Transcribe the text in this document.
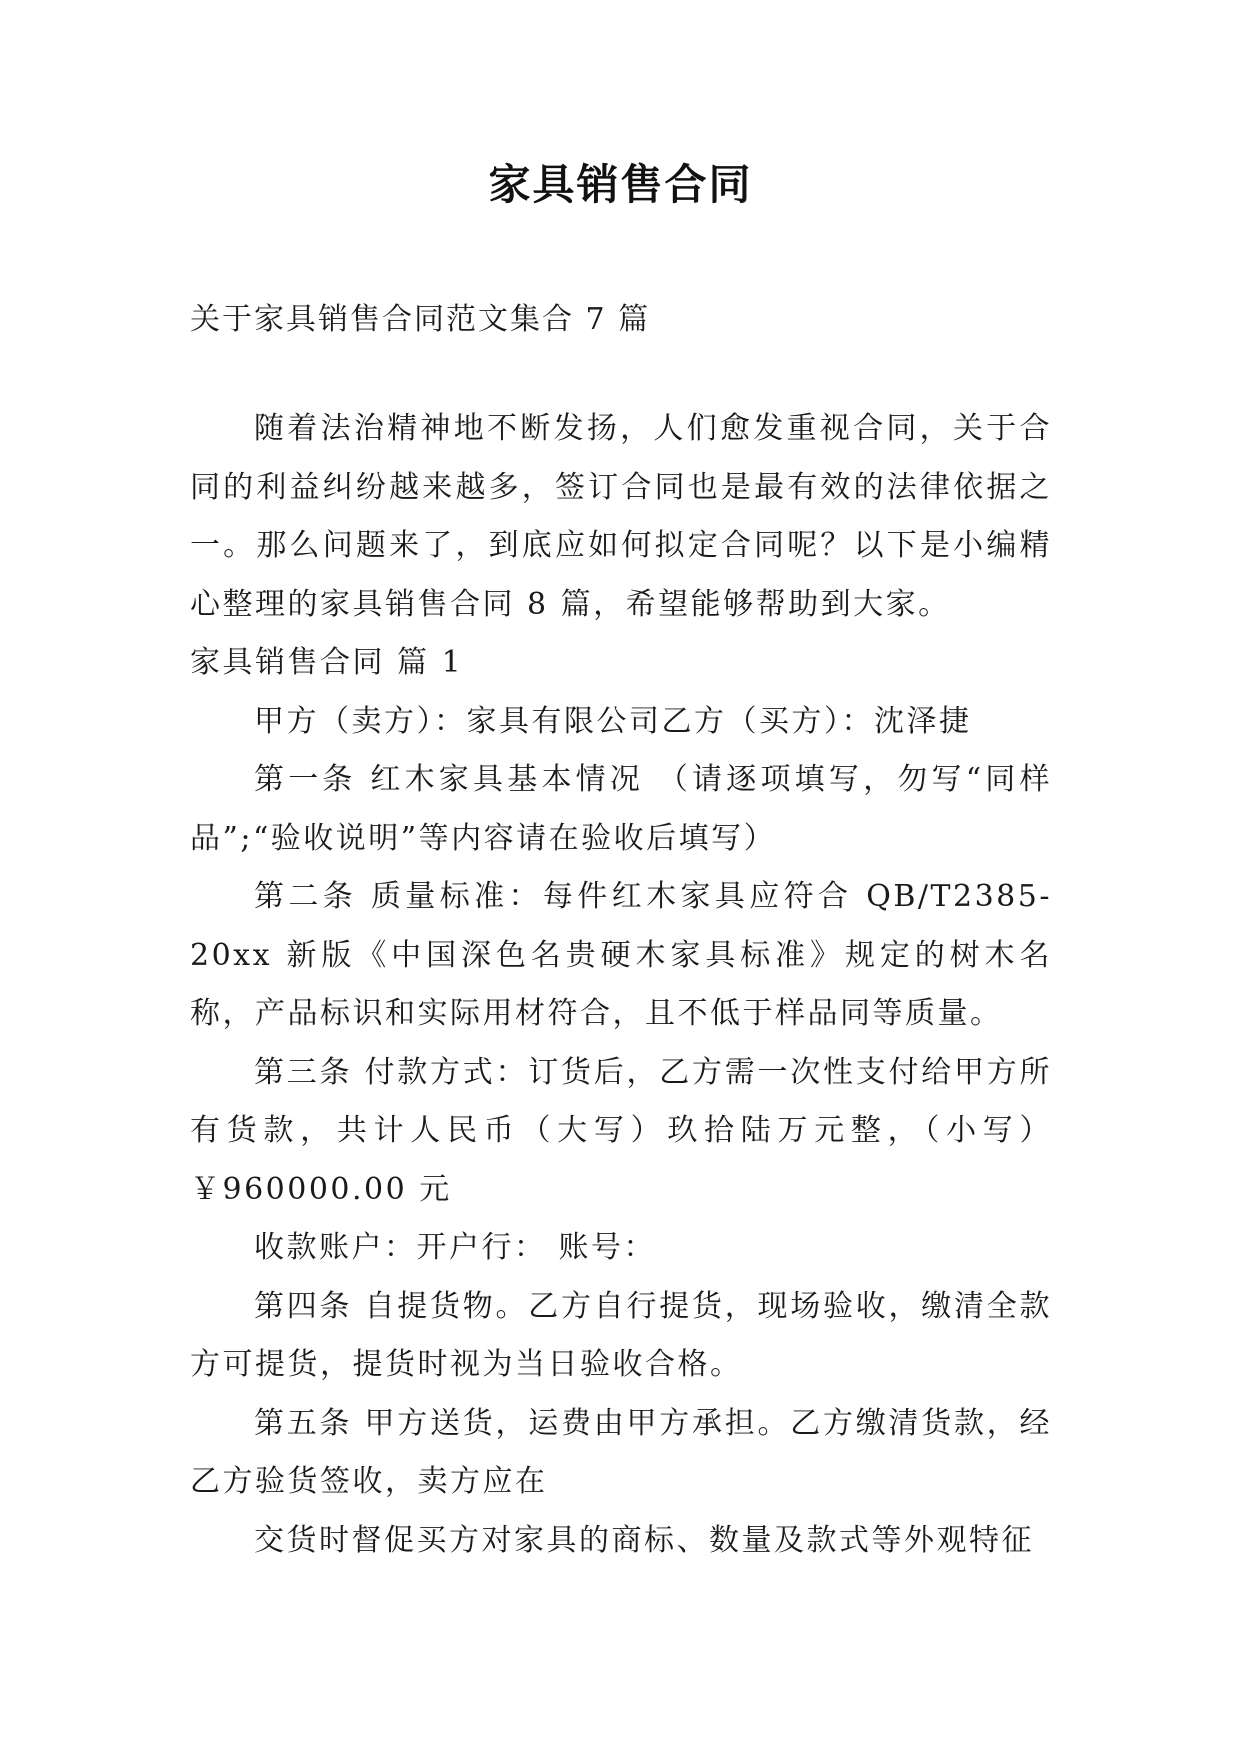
家具销售合同
关于家具销售合同范文集合 7 篇

随着法治精神地不断发扬，人们愈发重视合同，关于合同的利益纠纷越来越多，签订合同也是最有效的法律依据之一。那么问题来了，到底应如何拟定合同呢？以下是小编精心整理的家具销售合同 8 篇，希望能够帮助到大家。

家具销售合同 篇 1

甲方（卖方）：家具有限公司乙方（买方）：沈泽捷

第一条 红木家具基本情况 （请逐项填写，勿写“同样品”;“验收说明”等内容请在验收后填写）

第二条 质量标准：每件红木家具应符合 QB/T2385-20xx 新版《中国深色名贵硬木家具标准》规定的树木名称，产品标识和实际用材符合，且不低于样品同等质量。

第三条 付款方式：订货后，乙方需一次性支付给甲方所有货款，共计人民币（大写）玖拾陆万元整，（小写）￥960000.00 元

收款账户：开户行： 账号：

第四条 自提货物。乙方自行提货，现场验收，缴清全款方可提货，提货时视为当日验收合格。

第五条 甲方送货，运费由甲方承担。乙方缴清货款，经乙方验货签收，卖方应在

交货时督促买方对家具的商标、数量及款式等外观特征
